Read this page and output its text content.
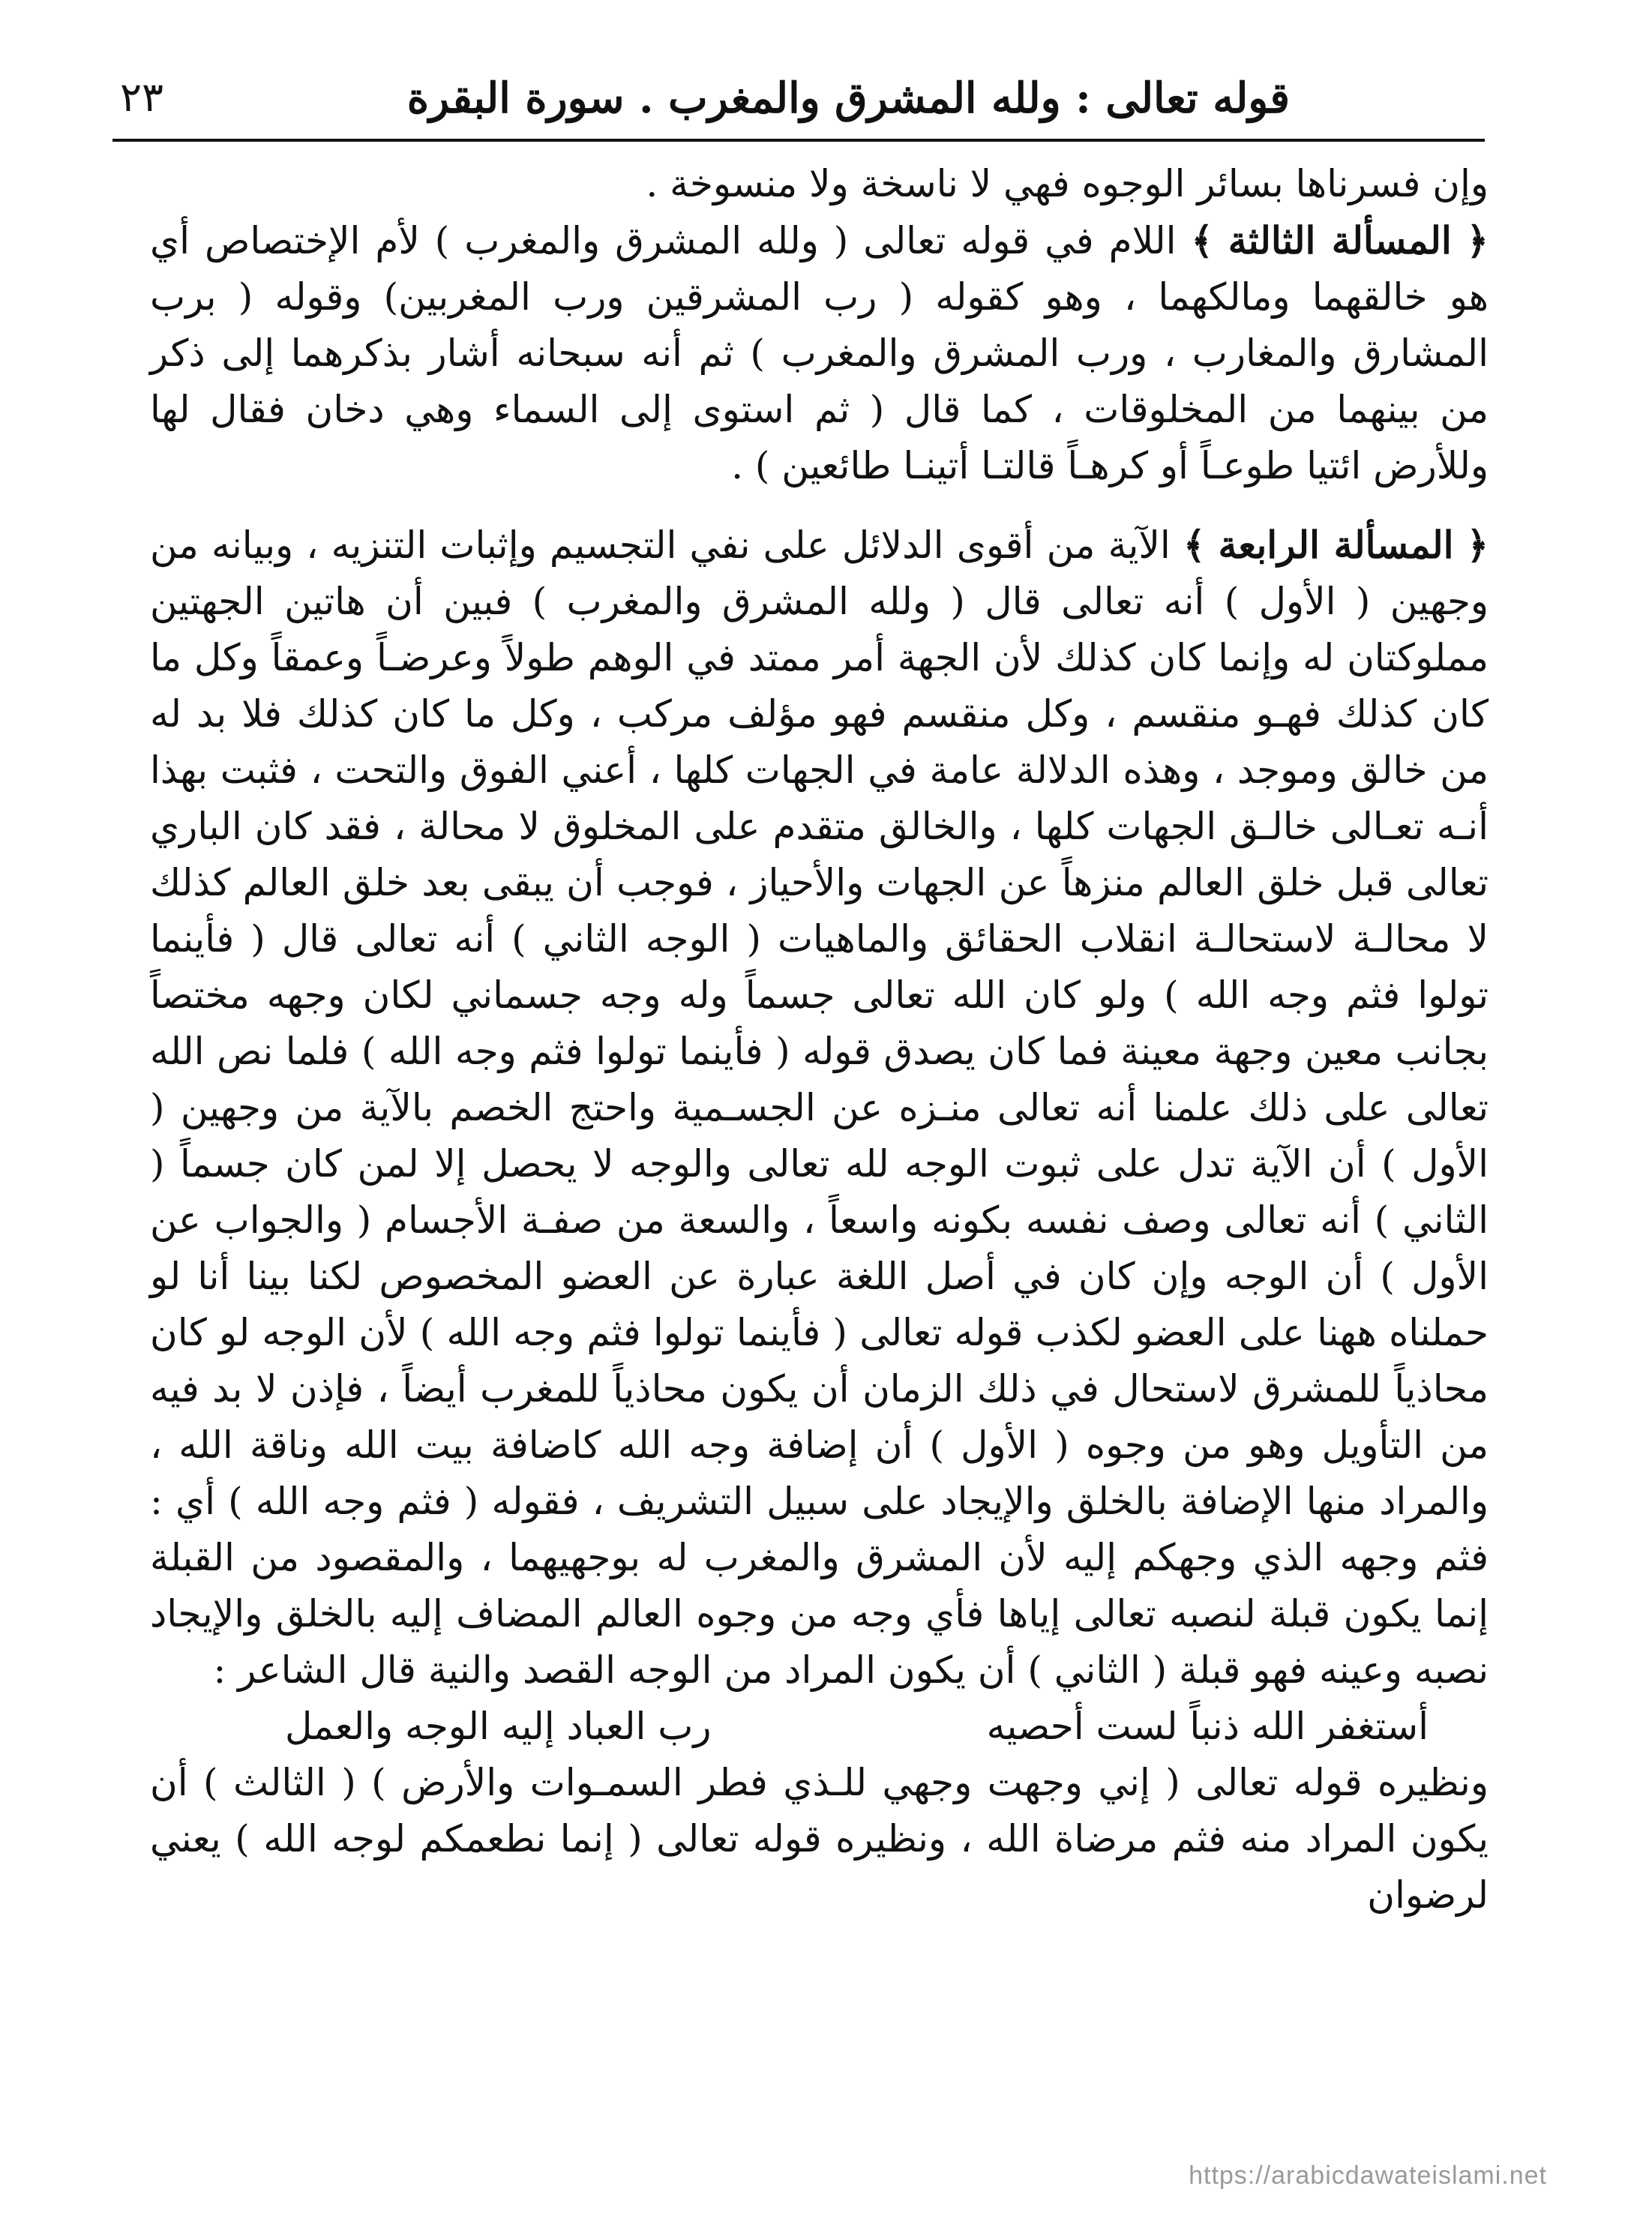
٢٣	قوله تعالى : ولله المشرق والمغرب . سورة البقرة

وإن فسرناها بسائر الوجوه فهي لا ناسخة ولا منسوخة .

﴿ المسألة الثالثة ﴾ اللام في قوله تعالى ( ولله المشرق والمغرب ) لأم الإختصاص أي هو خالقهما ومالكهما ، وهو كقوله ( رب المشرقين ورب المغربين) وقوله ( برب المشارق والمغارب ، ورب المشرق والمغرب ) ثم أنه سبحانه أشار بذكرهما إلى ذكر من بينهما من المخلوقات ، كما قال ( ثم استوى إلى السماء وهي دخان فقال لها وللأرض ائتيا طوعـاً أو كرهـاً قالتـا أتينـا طائعين ) .

﴿ المسألة الرابعة ﴾ الآية من أقوى الدلائل على نفي التجسيم وإثبات التنزيه ، وبيانه من وجهين ( الأول ) أنه تعالى قال ( ولله المشرق والمغرب ) فبين أن هاتين الجهتين مملوكتان له وإنما كان كذلك لأن الجهة أمر ممتد في الوهم طولاً وعرضـاً وعمقاً وكل ما كان كذلك فهـو منقسم ، وكل منقسم فهو مؤلف مركب ، وكل ما كان كذلك فلا بد له من خالق وموجد ، وهذه الدلالة عامة في الجهات كلها ، أعني الفوق والتحت ، فثبت بهذا أنـه تعـالى خالـق الجهات كلها ، والخالق متقدم على المخلوق لا محالة ، فقد كان الباري تعالى قبل خلق العالم منزهاً عن الجهات والأحياز ، فوجب أن يبقى بعد خلق العالم كذلك لا محالـة لاستحالـة انقلاب الحقائق والماهيات ( الوجه الثاني ) أنه تعالى قال ( فأينما تولوا فثم وجه الله ) ولو كان الله تعالى جسماً وله وجه جسماني لكان وجهه مختصاً بجانب معين وجهة معينة فما كان يصدق قوله ( فأينما تولوا فثم وجه الله ) فلما نص الله تعالى على ذلك علمنا أنه تعالى منـزه عن الجسـمية واحتج الخصم بالآية من وجهين ( الأول ) أن الآية تدل على ثبوت الوجه لله تعالى والوجه لا يحصل إلا لمن كان جسماً ( الثاني ) أنه تعالى وصف نفسه بكونه واسعاً ، والسعة من صفـة الأجسام ( والجواب عن الأول ) أن الوجه وإن كان في أصل اللغة عبارة عن العضو المخصوص لكنا بينا أنا لو حملناه ههنا على العضو لكذب قوله تعالى ( فأينما تولوا فثم وجه الله ) لأن الوجه لو كان محاذياً للمشرق لاستحال في ذلك الزمان أن يكون محاذياً للمغرب أيضاً ، فإذن لا بد فيه من التأويل وهو من وجوه ( الأول ) أن إضافة وجه الله كاضافة بيت الله وناقة الله ، والمراد منها الإضافة بالخلق والإيجاد على سبيل التشريف ، فقوله ( فثم وجه الله ) أي : فثم وجهه الذي وجهكم إليه لأن المشرق والمغرب له بوجهيهما ، والمقصود من القبلة إنما يكون قبلة لنصبه تعالى إياها فأي وجه من وجوه العالم المضاف إليه بالخلق والإيجاد نصبه وعينه فهو قبلة ( الثاني ) أن يكون المراد من الوجه القصد والنية قال الشاعر :

أستغفر الله ذنباً لست أحصيه
رب العباد إليه الوجه والعمل

ونظيره قوله تعالى ( إني وجهت وجهي للـذي فطر السمـوات والأرض ) ( الثالث ) أن يكون المراد منه فثم مرضاة الله ، ونظيره قوله تعالى ( إنما نطعمكم لوجه الله ) يعني لرضوان

https://arabicdawateislami.net
